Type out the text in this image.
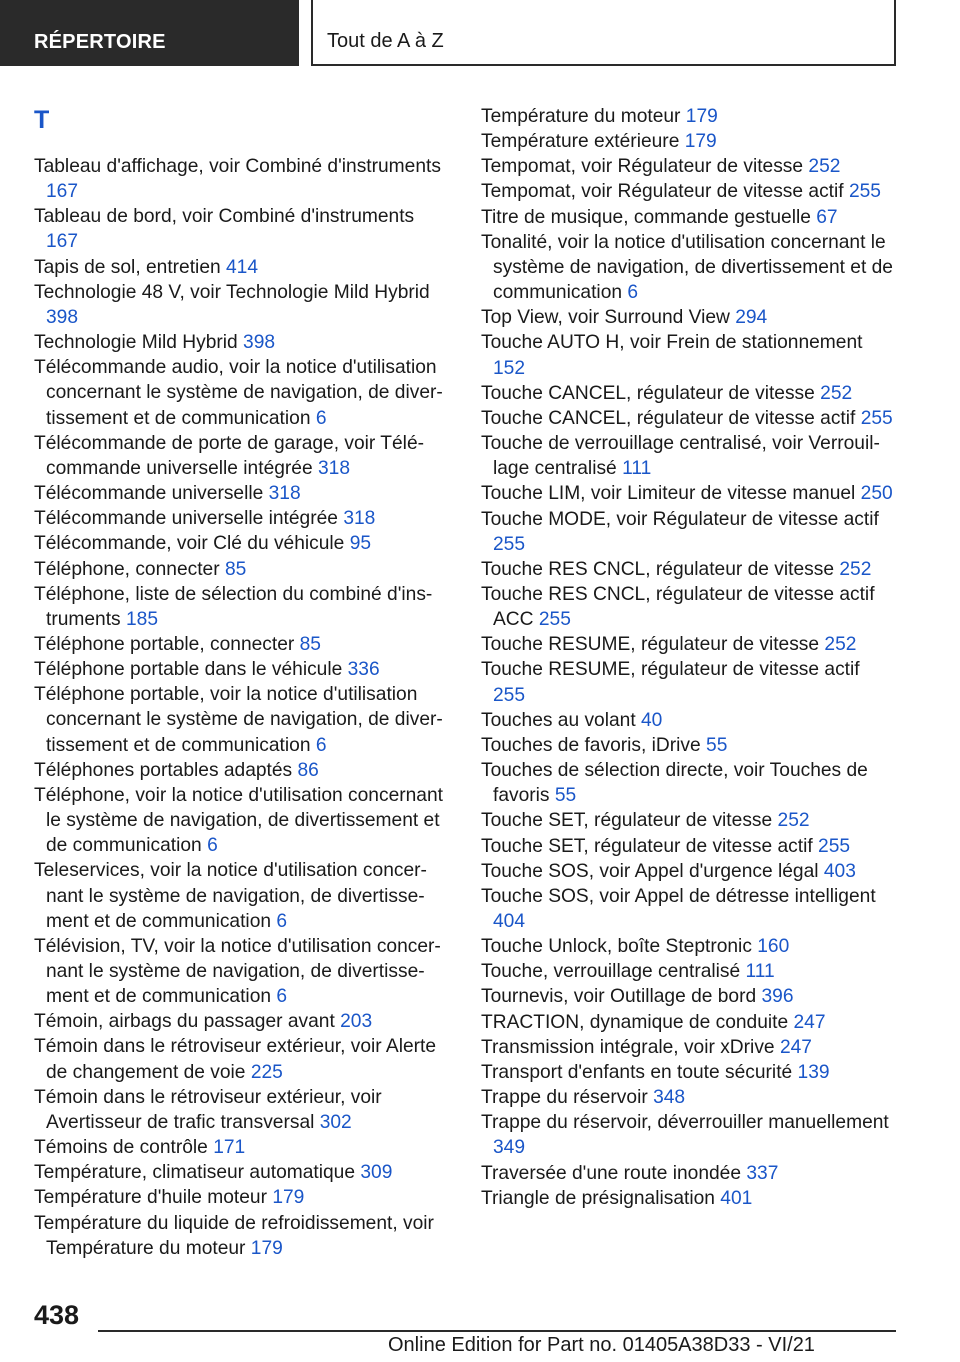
RÉPERTOIRE	Tout de A à Z
T
Tableau d'affichage, voir Combiné d'instruments 167
Tableau de bord, voir Combiné d'instruments 167
Tapis de sol, entretien 414
Technologie 48 V, voir Technologie Mild Hybrid 398
Technologie Mild Hybrid 398
Télécommande audio, voir la notice d'utilisation concernant le système de navigation, de divertissement et de communication 6
Télécommande de porte de garage, voir Télécommande universelle intégrée 318
Télécommande universelle 318
Télécommande universelle intégrée 318
Télécommande, voir Clé du véhicule 95
Téléphone, connecter 85
Téléphone, liste de sélection du combiné d'instruments 185
Téléphone portable, connecter 85
Téléphone portable dans le véhicule 336
Téléphone portable, voir la notice d'utilisation concernant le système de navigation, de divertissement et de communication 6
Téléphones portables adaptés 86
Téléphone, voir la notice d'utilisation concernant le système de navigation, de divertissement et de communication 6
Teleservices, voir la notice d'utilisation concernant le système de navigation, de divertissement et de communication 6
Télévision, TV, voir la notice d'utilisation concernant le système de navigation, de divertissement et de communication 6
Témoin, airbags du passager avant 203
Témoin dans le rétroviseur extérieur, voir Alerte de changement de voie 225
Témoin dans le rétroviseur extérieur, voir Avertisseur de trafic transversal 302
Témoins de contrôle 171
Température, climatiseur automatique 309
Température d'huile moteur 179
Température du liquide de refroidissement, voir Température du moteur 179
Température du moteur 179
Température extérieure 179
Tempomat, voir Régulateur de vitesse 252
Tempomat, voir Régulateur de vitesse actif 255
Titre de musique, commande gestuelle 67
Tonalité, voir la notice d'utilisation concernant le système de navigation, de divertissement et de communication 6
Top View, voir Surround View 294
Touche AUTO H, voir Frein de stationnement 152
Touche CANCEL, régulateur de vitesse 252
Touche CANCEL, régulateur de vitesse actif 255
Touche de verrouillage centralisé, voir Verrouillage centralisé 111
Touche LIM, voir Limiteur de vitesse manuel 250
Touche MODE, voir Régulateur de vitesse actif 255
Touche RES CNCL, régulateur de vitesse 252
Touche RES CNCL, régulateur de vitesse actif ACC 255
Touche RESUME, régulateur de vitesse 252
Touche RESUME, régulateur de vitesse actif 255
Touches au volant 40
Touches de favoris, iDrive 55
Touches de sélection directe, voir Touches de favoris 55
Touche SET, régulateur de vitesse 252
Touche SET, régulateur de vitesse actif 255
Touche SOS, voir Appel d'urgence légal 403
Touche SOS, voir Appel de détresse intelligent 404
Touche Unlock, boîte Steptronic 160
Touche, verrouillage centralisé 111
Tournevis, voir Outillage de bord 396
TRACTION, dynamique de conduite 247
Transmission intégrale, voir xDrive 247
Transport d'enfants en toute sécurité 139
Trappe du réservoir 348
Trappe du réservoir, déverrouiller manuellement 349
Traversée d'une route inondée 337
Triangle de présignalisation 401
438
Online Edition for Part no. 01405A38D33 - VI/21
